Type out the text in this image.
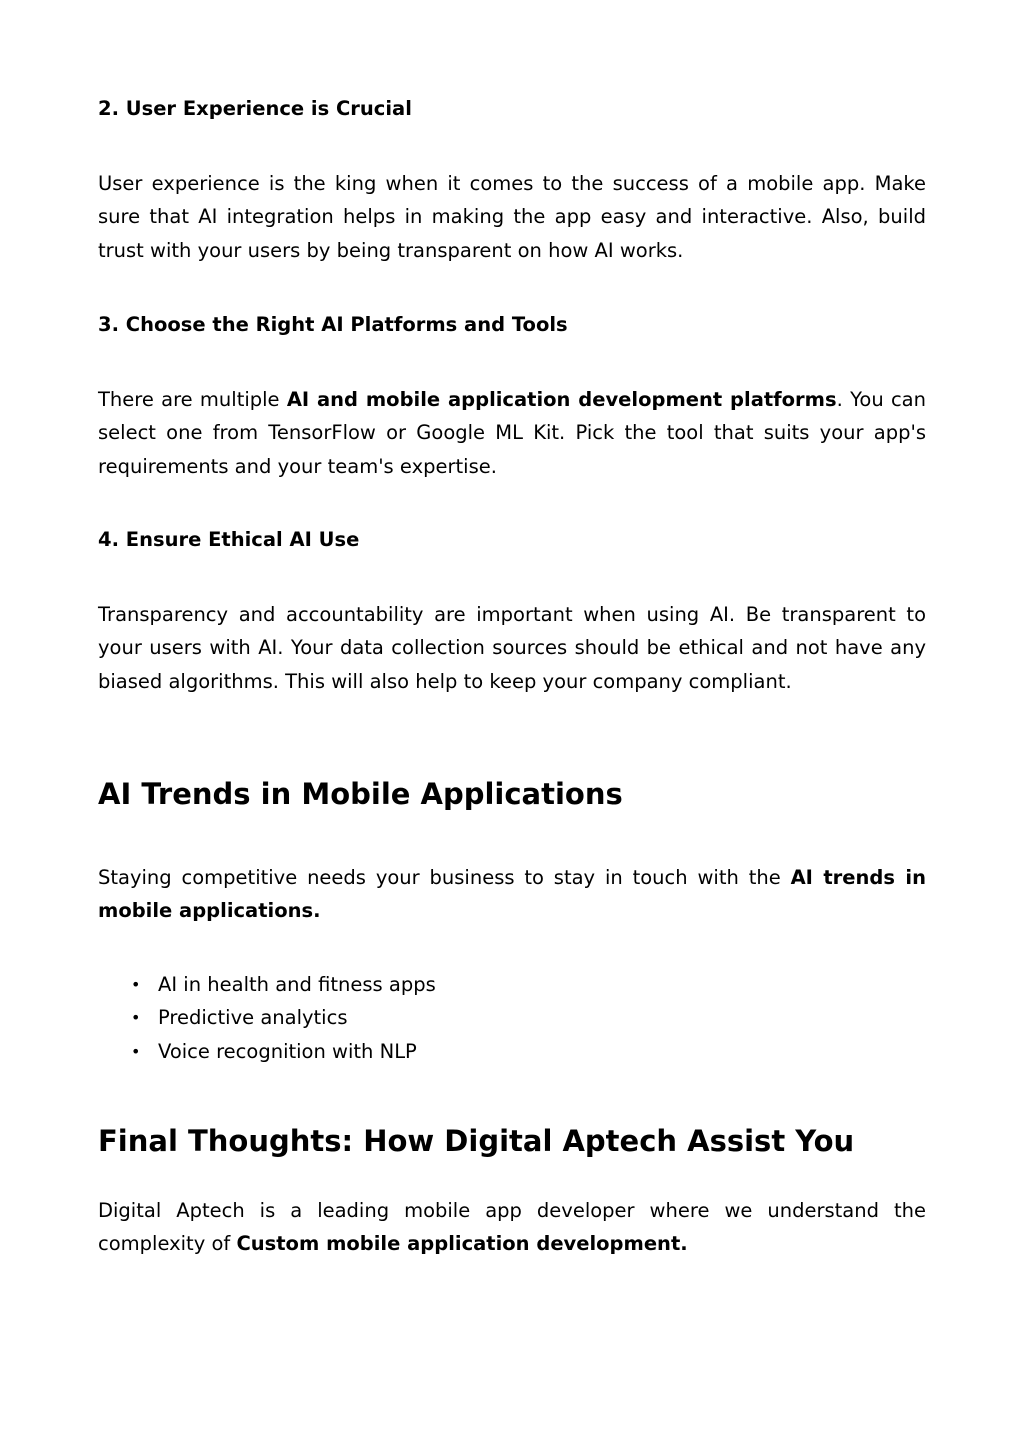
2. User Experience is Crucial

User experience is the king when it comes to the success of a mobile app. Make sure that AI integration helps in making the app easy and interactive. Also, build trust with your users by being transparent on how AI works.

3. Choose the Right AI Platforms and Tools

There are multiple AI and mobile application development platforms. You can select one from TensorFlow or Google ML Kit. Pick the tool that suits your app's requirements and your team's expertise.

4. Ensure Ethical AI Use

Transparency and accountability are important when using AI. Be transparent to your users with AI. Your data collection sources should be ethical and not have any biased algorithms. This will also help to keep your company compliant.

AI Trends in Mobile Applications

Staying competitive needs your business to stay in touch with the AI trends in mobile applications.

• AI in health and fitness apps
• Predictive analytics
• Voice recognition with NLP
Final Thoughts: How Digital Aptech Assist You

Digital Aptech is a leading mobile app developer where we understand the complexity of Custom mobile application development.
